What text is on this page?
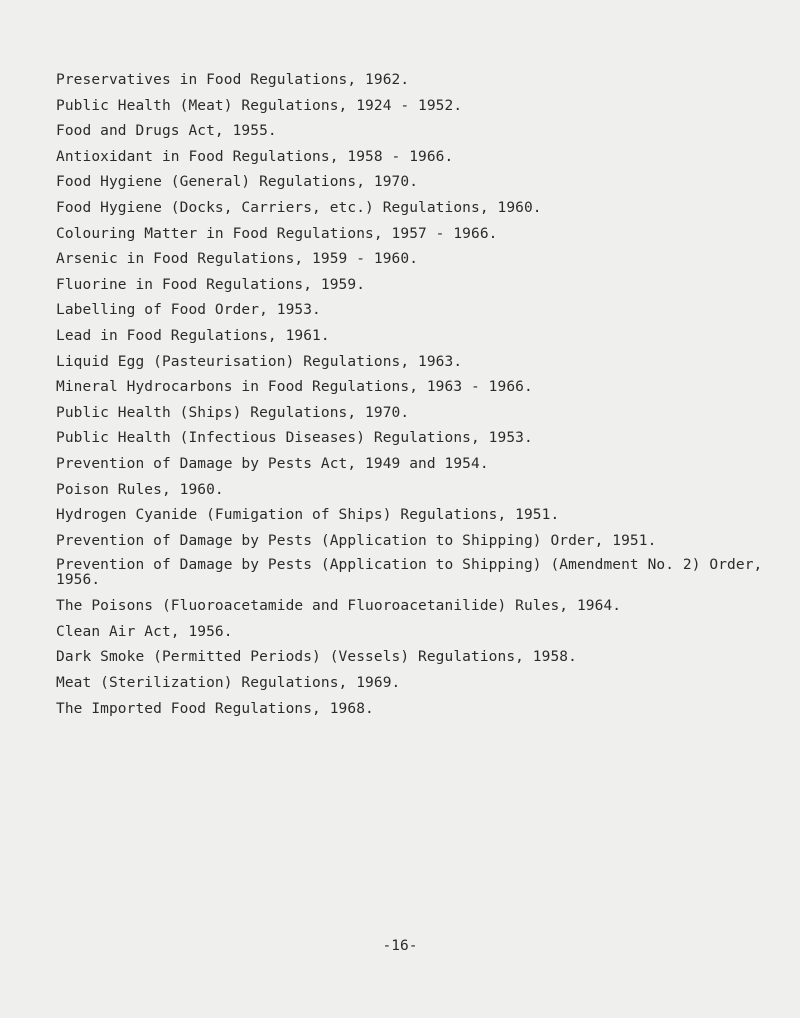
Preservatives in Food Regulations, 1962.
Public Health (Meat) Regulations, 1924 - 1952.
Food and Drugs Act, 1955.
Antioxidant in Food Regulations, 1958 - 1966.
Food Hygiene (General) Regulations, 1970.
Food Hygiene (Docks, Carriers, etc.) Regulations, 1960.
Colouring Matter in Food Regulations, 1957 - 1966.
Arsenic in Food Regulations, 1959 - 1960.
Fluorine in Food Regulations, 1959.
Labelling of Food Order, 1953.
Lead in Food Regulations, 1961.
Liquid Egg (Pasteurisation) Regulations, 1963.
Mineral Hydrocarbons in Food Regulations, 1963 - 1966.
Public Health (Ships) Regulations, 1970.
Public Health (Infectious Diseases) Regulations, 1953.
Prevention of Damage by Pests Act, 1949 and 1954.
Poison Rules, 1960.
Hydrogen Cyanide (Fumigation of Ships) Regulations, 1951.
Prevention of Damage by Pests (Application to Shipping) Order, 1951.
Prevention of Damage by Pests (Application to Shipping) (Amendment No. 2) Order, 1956.
The Poisons (Fluoroacetamide and Fluoroacetanilide) Rules, 1964.
Clean Air Act, 1956.
Dark Smoke (Permitted Periods) (Vessels) Regulations, 1958.
Meat (Sterilization) Regulations, 1969.
The Imported Food Regulations, 1968.
-16-
